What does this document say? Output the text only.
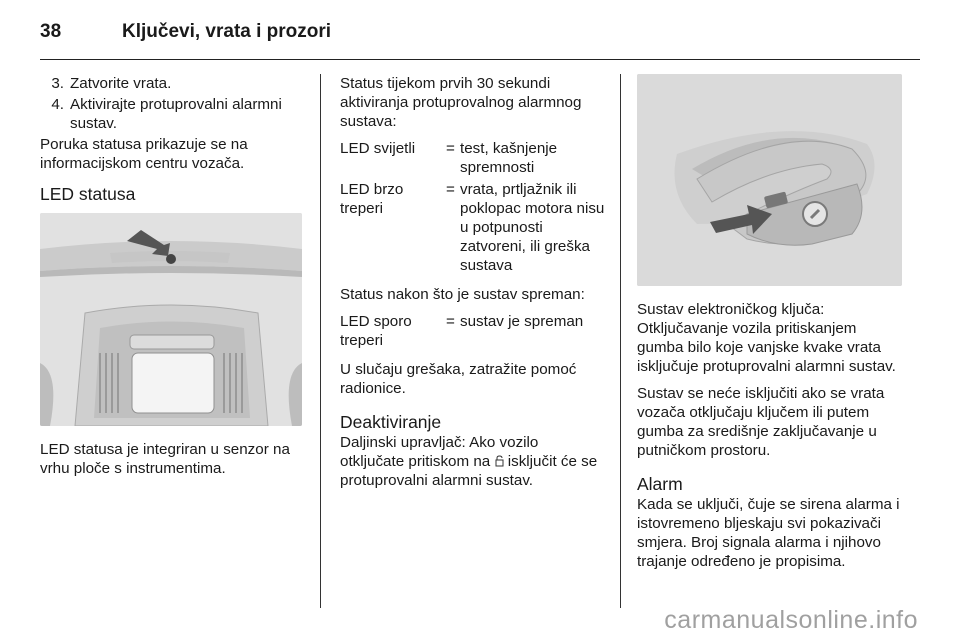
38	Ključevi, vrata i prozori
3. Zatvorite vrata.
4. Aktivirajte protuprovalni alarmni sustav.

Poruka statusa prikazuje se na informacijskom centru vozača.

LED statusa

LED statusa je integriran u senzor na vrhu ploče s instrumentima.

Status tijekom prvih 30 sekundi aktiviranja protuprovalnog alarmnog sustava:

LED svijetli	= test, kašnjenje spremnosti
LED brzo treperi
= vrata, prtljažnik ili poklopac motora nisu u potpunosti zatvoreni, ili greška sustava

Status nakon što je sustav spreman:

LED sporo treperi
= sustav je spreman

U slučaju grešaka, zatražite pomoć radionice.

Deaktiviranje

Daljinski upravljač: Ako vozilo otključate pritiskom na isključit će se protuprovalni alarmni sustav.

Sustav elektroničkog ključa: Otključavanje vozila pritiskanjem gumba bilo koje vanjske kvake vrata isključuje protuprovalni alarmni sustav.

Sustav se neće isključiti ako se vrata vozača otključaju ključem ili putem gumba za središnje zaključavanje u putničkom prostoru.

Alarm

Kada se uključi, čuje se sirena alarma i istovremeno bljeskaju svi pokazivači smjera. Broj signala alarma i njihovo trajanje određeno je propisima.

carmanualsonline.info
